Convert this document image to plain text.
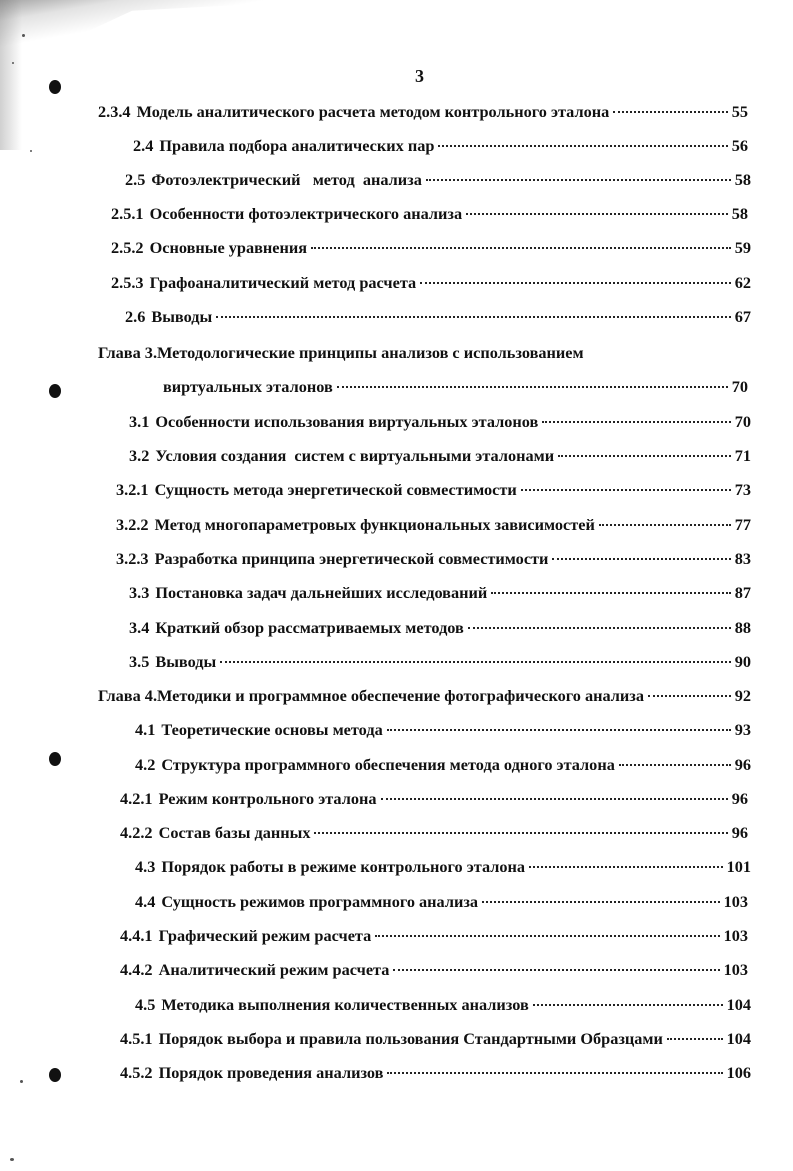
3
2.3.4 Модель аналитического расчета методом контрольного эталона	55
2.4 Правила подбора аналитических пар	56
2.5 Фотоэлектрический   метод  анализа	58
2.5.1 Особенности фотоэлектрического анализа	58
2.5.2 Основные уравнения	59
2.5.3 Графоаналитический метод расчета	62
2.6 Выводы	67
Глава 3.Методологические принципы анализов с использованием
виртуальных эталонов	70
3.1 Особенности использования виртуальных эталонов	70
3.2 Условия создания  систем с виртуальными эталонами	71
3.2.1 Сущность метода энергетической совместимости	73
3.2.2 Метод многопараметровых функциональных зависимостей	77
3.2.3 Разработка принципа энергетической совместимости	83
3.3 Постановка задач дальнейших исследований	87
3.4 Краткий обзор рассматриваемых методов	88
3.5 Выводы	90
Глава 4.Методики и программное обеспечение фотографического анализа	92
4.1 Теоретические основы метода	93
4.2 Структура программного обеспечения метода одного эталона	96
4.2.1 Режим контрольного эталона	96
4.2.2 Состав базы данных	96
4.3 Порядок работы в режиме контрольного эталона	101
4.4 Сущность режимов программного анализа	103
4.4.1 Графический режим расчета	103
4.4.2 Аналитический режим расчета	103
4.5 Методика выполнения количественных анализов	104
4.5.1 Порядок выбора и правила пользования Стандартными Образцами	104
4.5.2 Порядок проведения анализов	106
